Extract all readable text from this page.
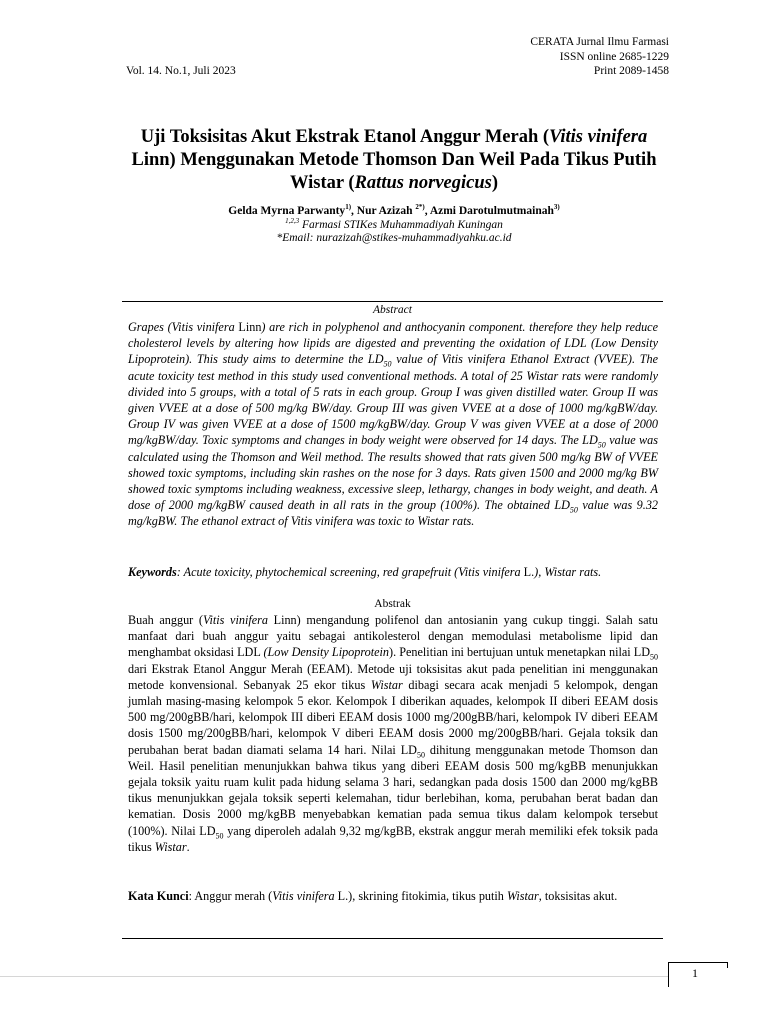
CERATA Jurnal Ilmu Farmasi
ISSN online 2685-1229
Print 2089-1458
Vol. 14. No.1, Juli 2023
Uji Toksisitas Akut Ekstrak Etanol Anggur Merah (Vitis vinifera Linn) Menggunakan Metode Thomson Dan Weil Pada Tikus Putih Wistar (Rattus norvegicus)
Gelda Myrna Parwanty$^{1)}$, Nur Azizah $^{2*)}$, Azmi Darotulmutmainah$^{3)}$
$^{1,2,3}$ Farmasi STIKes Muhammadiyah Kuningan
*Email: nurazizah@stikes-muhammadiyahku.ac.id
Abstract
Grapes (Vitis vinifera Linn) are rich in polyphenol and anthocyanin component. therefore they help reduce cholesterol levels by altering how lipids are digested and preventing the oxidation of LDL (Low Density Lipoprotein). This study aims to determine the $LD_{50}$ value of Vitis vinifera Ethanol Extract (VVEE). The acute toxicity test method in this study used conventional methods. A total of 25 Wistar rats were randomly divided into 5 groups, with a total of 5 rats in each group. Group I was given distilled water. Group II was given VVEE at a dose of 500 mg/kg BW/day. Group III was given VVEE at a dose of 1000 mg/kgBW/day. Group IV was given VVEE at a dose of 1500 mg/kgBW/day. Group V was given VVEE at a dose of 2000 mg/kgBW/day. Toxic symptoms and changes in body weight were observed for 14 days. The $LD_{50}$ value was calculated using the Thomson and Weil method. The results showed that rats given 500 mg/kg BW of VVEE showed toxic symptoms, including skin rashes on the nose for 3 days. Rats given 1500 and 2000 mg/kg BW showed toxic symptoms including weakness, excessive sleep, lethargy, changes in body weight, and death. A dose of 2000 mg/kgBW caused death in all rats in the group (100%). The obtained $LD_{50}$ value was 9.32 mg/kgBW. The ethanol extract of Vitis vinifera was toxic to Wistar rats.
Keywords: Acute toxicity, phytochemical screening, red grapefruit (Vitis vinifera L.), Wistar rats.
Abstrak
Buah anggur (Vitis vinifera Linn) mengandung polifenol dan antosianin yang cukup tinggi. Salah satu manfaat dari buah anggur yaitu sebagai antikolesterol dengan memodulasi metabolisme lipid dan menghambat oksidasi LDL (Low Density Lipoprotein). Penelitian ini bertujuan untuk menetapkan nilai $LD_{50}$ dari Ekstrak Etanol Anggur Merah (EEAM). Metode uji toksisitas akut pada penelitian ini menggunakan metode konvensional. Sebanyak 25 ekor tikus Wistar dibagi secara acak menjadi 5 kelompok, dengan jumlah masing-masing kelompok 5 ekor. Kelompok I diberikan aquades, kelompok II diberi EEAM dosis 500 mg/200gBB/hari, kelompok III diberi EEAM dosis 1000 mg/200gBB/hari, kelompok IV diberi EEAM dosis 1500 mg/200gBB/hari, kelompok V diberi EEAM dosis 2000 mg/200gBB/hari. Gejala toksik dan perubahan berat badan diamati selama 14 hari. Nilai $LD_{50}$ dihitung menggunakan metode Thomson dan Weil. Hasil penelitian menunjukkan bahwa tikus yang diberi EEAM dosis 500 mg/kgBB menunjukkan gejala toksik yaitu ruam kulit pada hidung selama 3 hari, sedangkan pada dosis 1500 dan 2000 mg/kgBB tikus menunjukkan gejala toksik seperti kelemahan, tidur berlebihan, koma, perubahan berat badan dan kematian. Dosis 2000 mg/kgBB menyebabkan kematian pada semua tikus dalam kelompok tersebut (100%). Nilai $LD_{50}$ yang diperoleh adalah 9,32 mg/kgBB, ekstrak anggur merah memiliki efek toksik pada tikus Wistar.
Kata Kunci: Anggur merah (Vitis vinifera L.), skrining fitokimia, tikus putih Wistar, toksisitas akut.
1
